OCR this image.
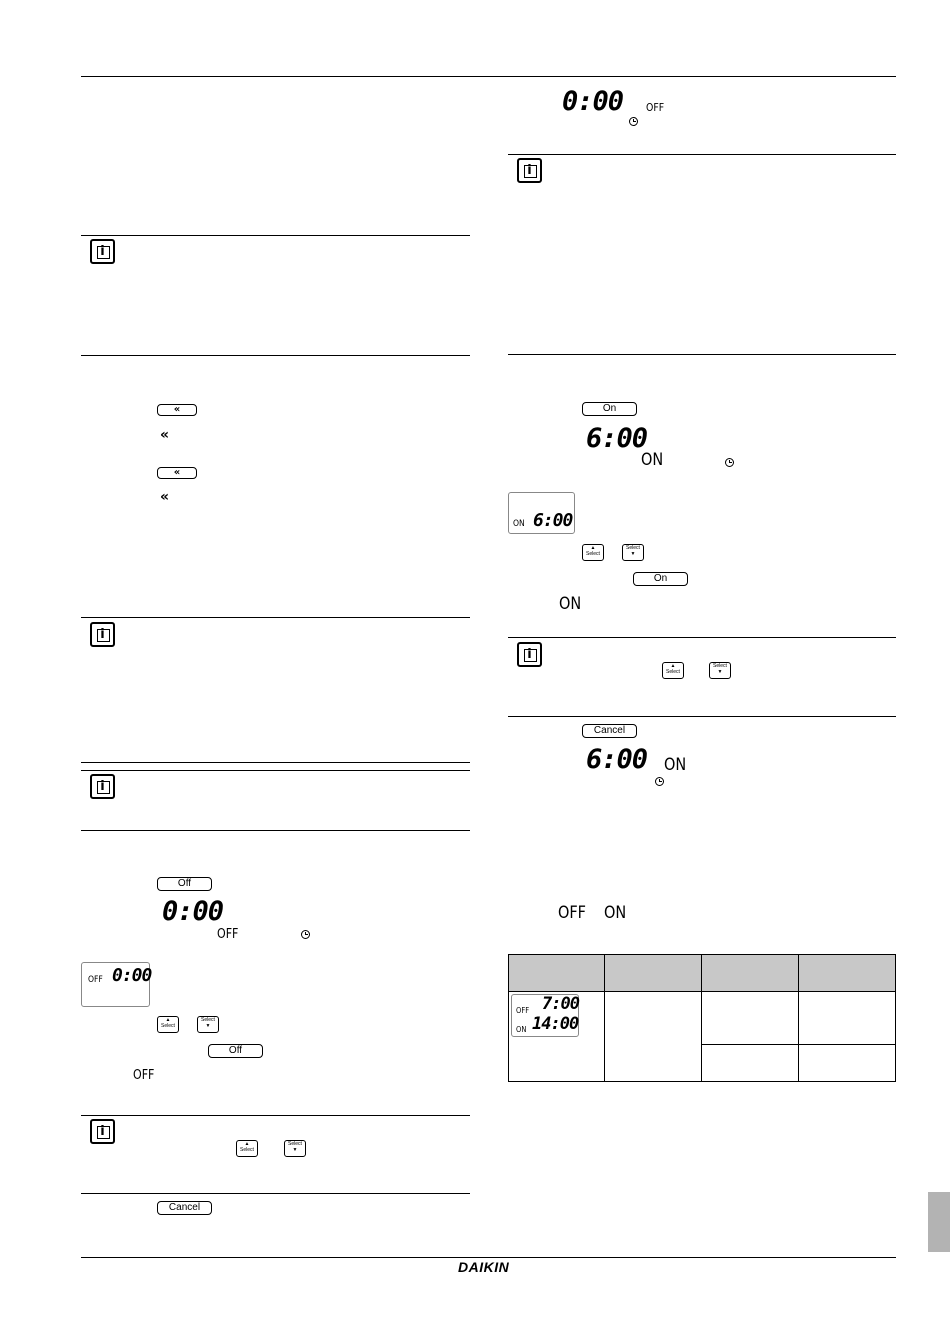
DAIKIN
i
«
«
«
«
i
i
Off
0:00
OFF
OFF 0:00
▲
Select
Select
▼
Off
OFF
i
▲
Select
Select
▼
Cancel
0:00 OFF
i
On
6:00
ON
ON 6:00
▲
Select
Select
▼
On
ON
i
▲
Select
Select
▼
Cancel
6:00 ON
OFF ON

OFF 7:00
ON 14:00			
